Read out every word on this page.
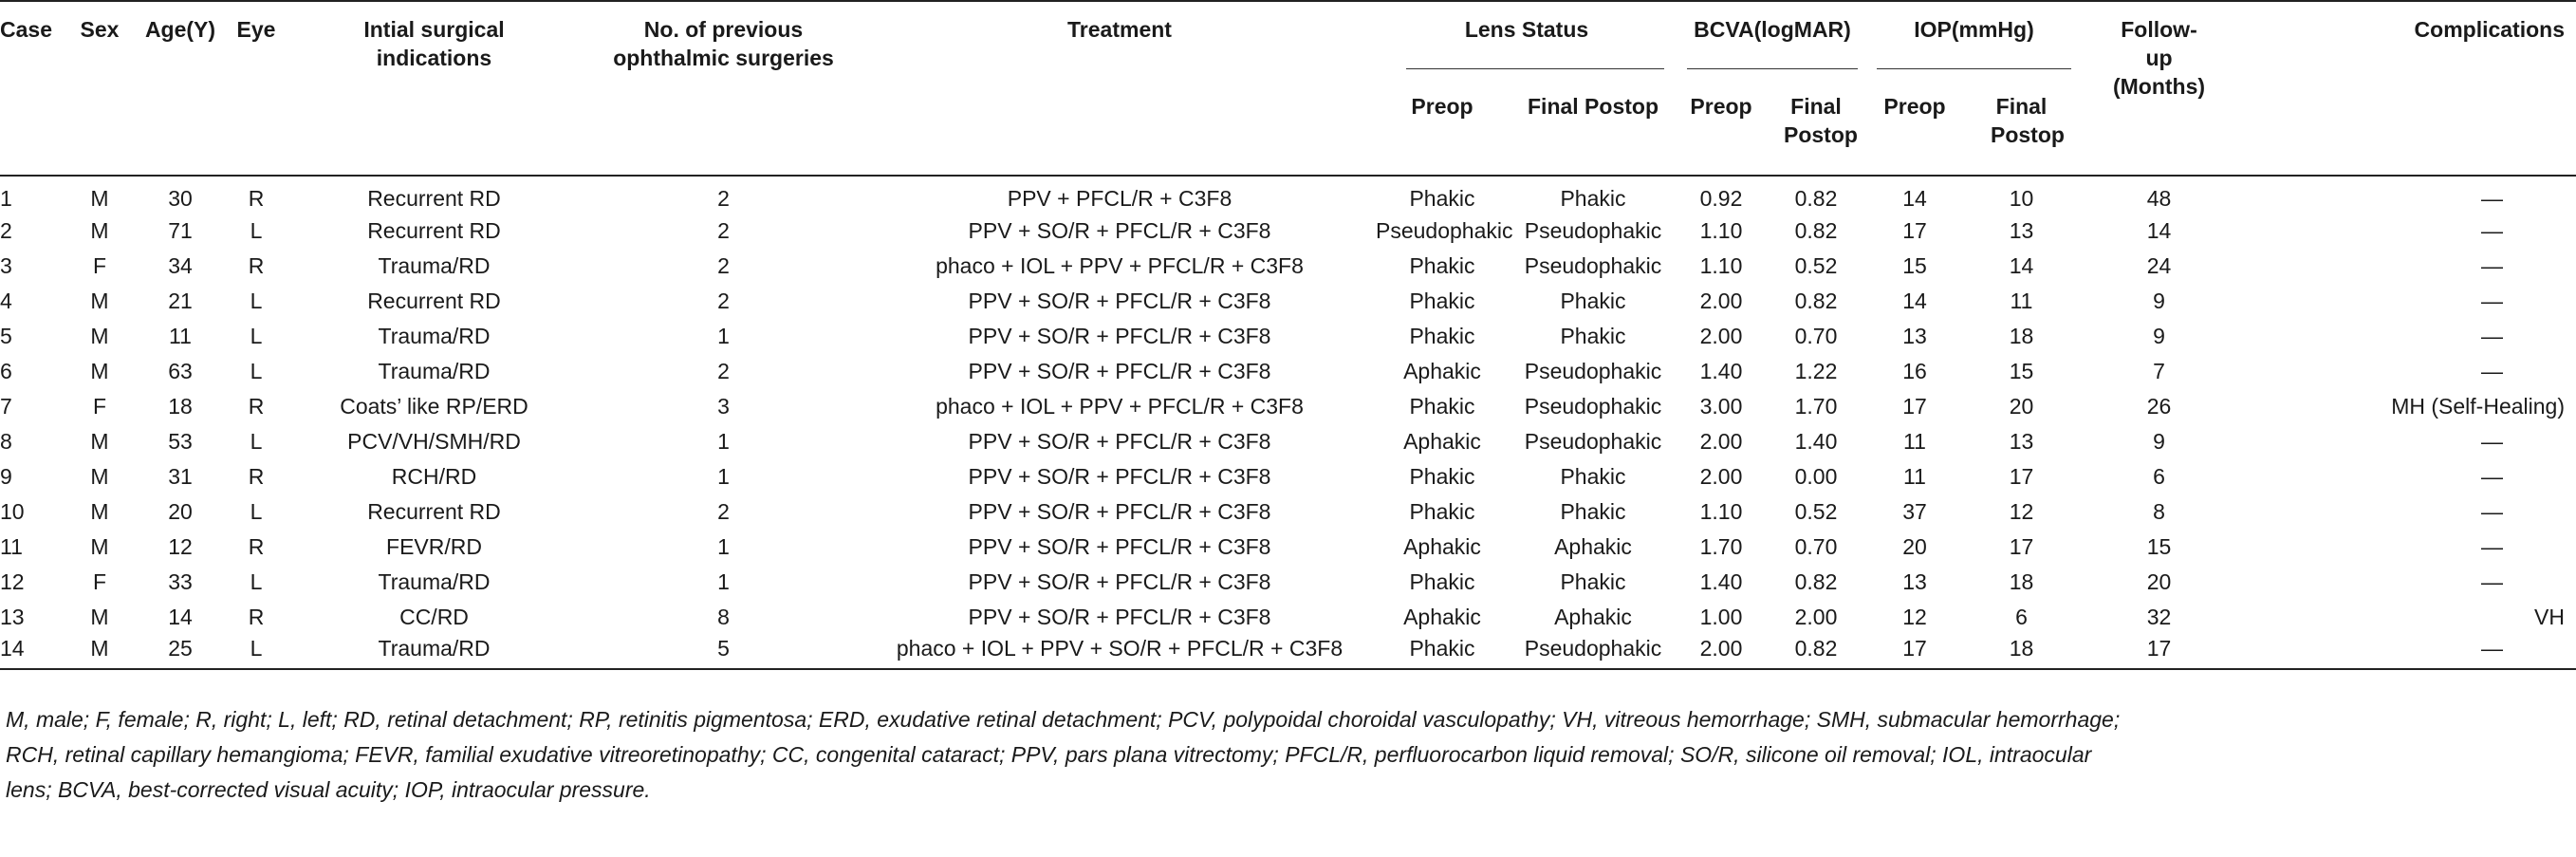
Case	Sex	Age(Y)	Eye	Intial surgical indications	No. of previous ophthalmic surgeries	Treatment	Lens Status		BCVA(logMAR)		IOP(mmHg)		Follow-up (Months)	Complications
							Preop	Final Postop	Preop	Final Postop	Preop	Final Postop		
1	M	30	R	Recurrent RD	2	PPV + PFCL/R + C3F8	Phakic	Phakic	0.92	0.82	14	10	48	—
2	M	71	L	Recurrent RD	2	PPV + SO/R + PFCL/R + C3F8	Pseudophakic	Pseudophakic	1.10	0.82	17	13	14	—
3	F	34	R	Trauma/RD	2	phaco + IOL + PPV + PFCL/R + C3F8	Phakic	Pseudophakic	1.10	0.52	15	14	24	—
4	M	21	L	Recurrent RD	2	PPV + SO/R + PFCL/R + C3F8	Phakic	Phakic	2.00	0.82	14	11	9	—
5	M	11	L	Trauma/RD	1	PPV + SO/R + PFCL/R + C3F8	Phakic	Phakic	2.00	0.70	13	18	9	—
6	M	63	L	Trauma/RD	2	PPV + SO/R + PFCL/R + C3F8	Aphakic	Pseudophakic	1.40	1.22	16	15	7	—
7	F	18	R	Coats’ like RP/ERD	3	phaco + IOL + PPV + PFCL/R + C3F8	Phakic	Pseudophakic	3.00	1.70	17	20	26	MH (Self-Healing)
8	M	53	L	PCV/VH/SMH/RD	1	PPV + SO/R + PFCL/R + C3F8	Aphakic	Pseudophakic	2.00	1.40	11	13	9	—
9	M	31	R	RCH/RD	1	PPV + SO/R + PFCL/R + C3F8	Phakic	Phakic	2.00	0.00	11	17	6	—
10	M	20	L	Recurrent RD	2	PPV + SO/R + PFCL/R + C3F8	Phakic	Phakic	1.10	0.52	37	12	8	—
11	M	12	R	FEVR/RD	1	PPV + SO/R + PFCL/R + C3F8	Aphakic	Aphakic	1.70	0.70	20	17	15	—
12	F	33	L	Trauma/RD	1	PPV + SO/R + PFCL/R + C3F8	Phakic	Phakic	1.40	0.82	13	18	20	—
13	M	14	R	CC/RD	8	PPV + SO/R + PFCL/R + C3F8	Aphakic	Aphakic	1.00	2.00	12	6	32	VH
14	M	25	L	Trauma/RD	5	phaco + IOL + PPV + SO/R + PFCL/R + C3F8	Phakic	Pseudophakic	2.00	0.82	17	18	17	—
M, male; F, female; R, right; L, left; RD, retinal detachment; RP, retinitis pigmentosa; ERD, exudative retinal detachment; PCV, polypoidal choroidal vasculopathy; VH, vitreous hemorrhage; SMH, submacular hemorrhage;
RCH, retinal capillary hemangioma; FEVR, familial exudative vitreoretinopathy; CC, congenital cataract; PPV, pars plana vitrectomy; PFCL/R, perfluorocarbon liquid removal; SO/R, silicone oil removal; IOL, intraocular
lens; BCVA, best-corrected visual acuity; IOP, intraocular pressure.
